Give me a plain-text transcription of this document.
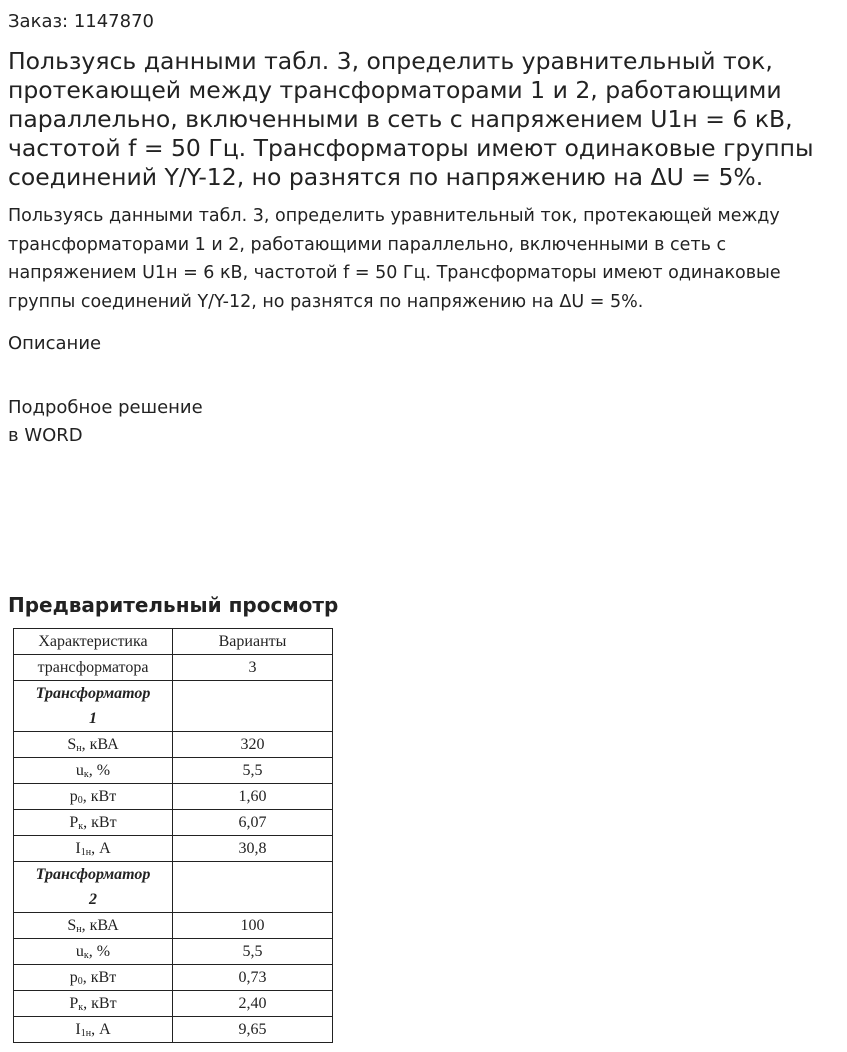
Заказ: 1147870
Пользуясь данными табл. 3, определить уравнительный ток, протекающей между трансформаторами 1 и 2, работающими параллельно, включенными в сеть с напряжением U1н = 6 кВ, частотой f = 50 Гц. Трансформаторы имеют одинаковые группы соединений Y/Y-12, но разнятся по напряжению на ΔU = 5%.

Пользуясь данными табл. 3, определить уравнительный ток, протекающей между трансформаторами 1 и 2, работающими параллельно, включенными в сеть с напряжением U1н = 6 кВ, частотой f = 50 Гц. Трансформаторы имеют одинаковые группы соединений Y/Y-12, но разнятся по напряжению на ΔU = 5%.

Описание
Подробное решение
в WORD
Предварительный просмотр
Характеристика	Варианты
трансформатора	3
Трансформатор
1	
$S_н$, кВА	320
$u_к$, %	5,5
$p_0$, кВт	1,60
$P_к$, кВт	6,07
$I_{1н}$, А	30,8
Трансформатор
2	
$S_н$, кВА	100
$u_к$, %	5,5
$p_0$, кВт	0,73
$P_к$, кВт	2,40
$I_{1н}$, А	9,65
